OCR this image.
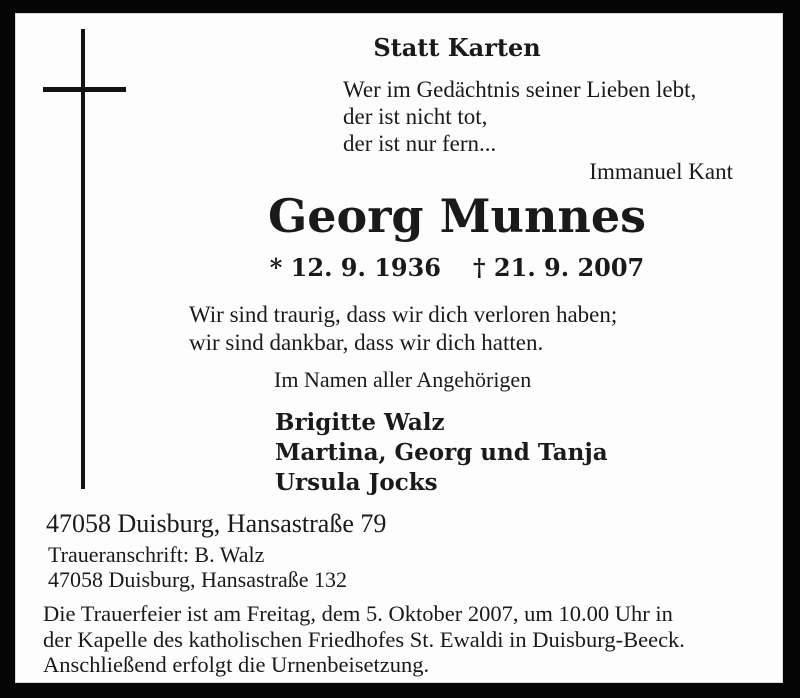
Statt Karten
Wer im Gedächtnis seiner Lieben lebt,
der ist nicht tot,
der ist nur fern...
Immanuel Kant
Georg Munnes
* 12. 9. 1936 † 21. 9. 2007
Wir sind traurig, dass wir dich verloren haben;
wir sind dankbar, dass wir dich hatten.
Im Namen aller Angehörigen
Brigitte Walz
Martina, Georg und Tanja
Ursula Jocks
47058 Duisburg, Hansastraße 79
Traueranschrift: B. Walz
47058 Duisburg, Hansastraße 132
Die Trauerfeier ist am Freitag, dem 5. Oktober 2007, um 10.00 Uhr in
der Kapelle des katholischen Friedhofes St. Ewaldi in Duisburg-Beeck.
Anschließend erfolgt die Urnenbeisetzung.
